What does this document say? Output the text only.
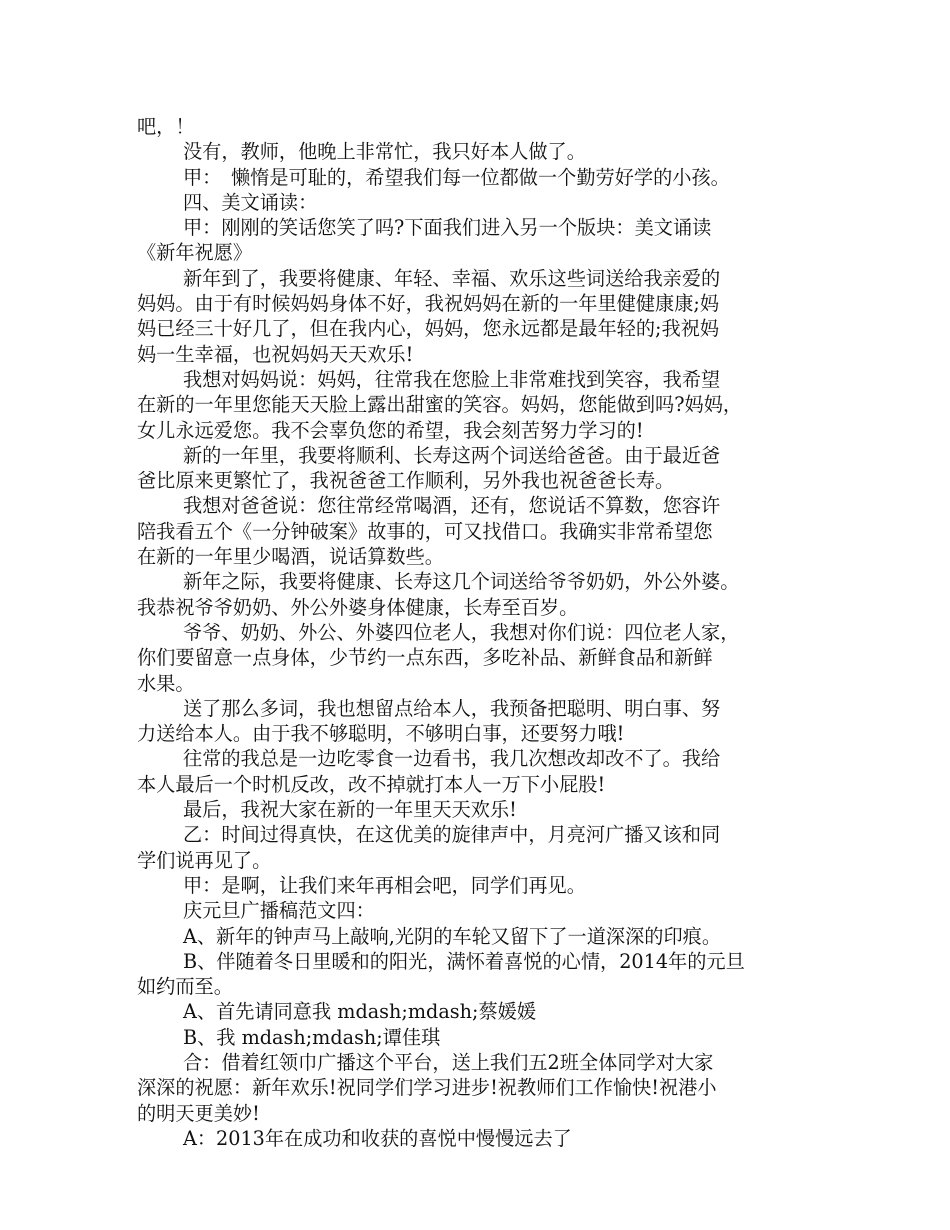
吧，！
没有，教师，他晚上非常忙，我只好本人做了。
甲：　懒惰是可耻的，希望我们每一位都做一个勤劳好学的小孩。
四、美文诵读：
甲：刚刚的笑话您笑了吗?下面我们进入另一个版块：美文诵读
《新年祝愿》
新年到了，我要将健康、年轻、幸福、欢乐这些词送给我亲爱的
妈妈。由于有时候妈妈身体不好，我祝妈妈在新的一年里健健康康;妈
妈已经三十好几了，但在我内心，妈妈，您永远都是最年轻的;我祝妈
妈一生幸福，也祝妈妈天天欢乐!
我想对妈妈说：妈妈，往常我在您脸上非常难找到笑容，我希望
在新的一年里您能天天脸上露出甜蜜的笑容。妈妈，您能做到吗?妈妈，
女儿永远爱您。我不会辜负您的希望，我会刻苦努力学习的!
新的一年里，我要将顺利、长寿这两个词送给爸爸。由于最近爸
爸比原来更繁忙了，我祝爸爸工作顺利，另外我也祝爸爸长寿。
我想对爸爸说：您往常经常喝酒，还有，您说话不算数，您容许
陪我看五个《一分钟破案》故事的，可又找借口。我确实非常希望您
在新的一年里少喝酒，说话算数些。
新年之际，我要将健康、长寿这几个词送给爷爷奶奶，外公外婆。
我恭祝爷爷奶奶、外公外婆身体健康，长寿至百岁。
爷爷、奶奶、外公、外婆四位老人，我想对你们说：四位老人家，
你们要留意一点身体，少节约一点东西，多吃补品、新鲜食品和新鲜
水果。
送了那么多词，我也想留点给本人，我预备把聪明、明白事、努
力送给本人。由于我不够聪明，不够明白事，还要努力哦!
往常的我总是一边吃零食一边看书，我几次想改却改不了。我给
本人最后一个时机反改，改不掉就打本人一万下小屁股!
最后，我祝大家在新的一年里天天欢乐!
乙：时间过得真快，在这优美的旋律声中，月亮河广播又该和同
学们说再见了。
甲：是啊，让我们来年再相会吧，同学们再见。
庆元旦广播稿范文四：
A、新年的钟声马上敲响,光阴的车轮又留下了一道深深的印痕。
B、伴随着冬日里暖和的阳光，满怀着喜悦的心情，2014年的元旦
如约而至。
A、首先请同意我 mdash;mdash;蔡媛媛
B、我 mdash;mdash;谭佳琪
合：借着红领巾广播这个平台，送上我们五2班全体同学对大家
深深的祝愿：新年欢乐!祝同学们学习进步!祝教师们工作愉快!祝港小
的明天更美妙!
A：2013年在成功和收获的喜悦中慢慢远去了
